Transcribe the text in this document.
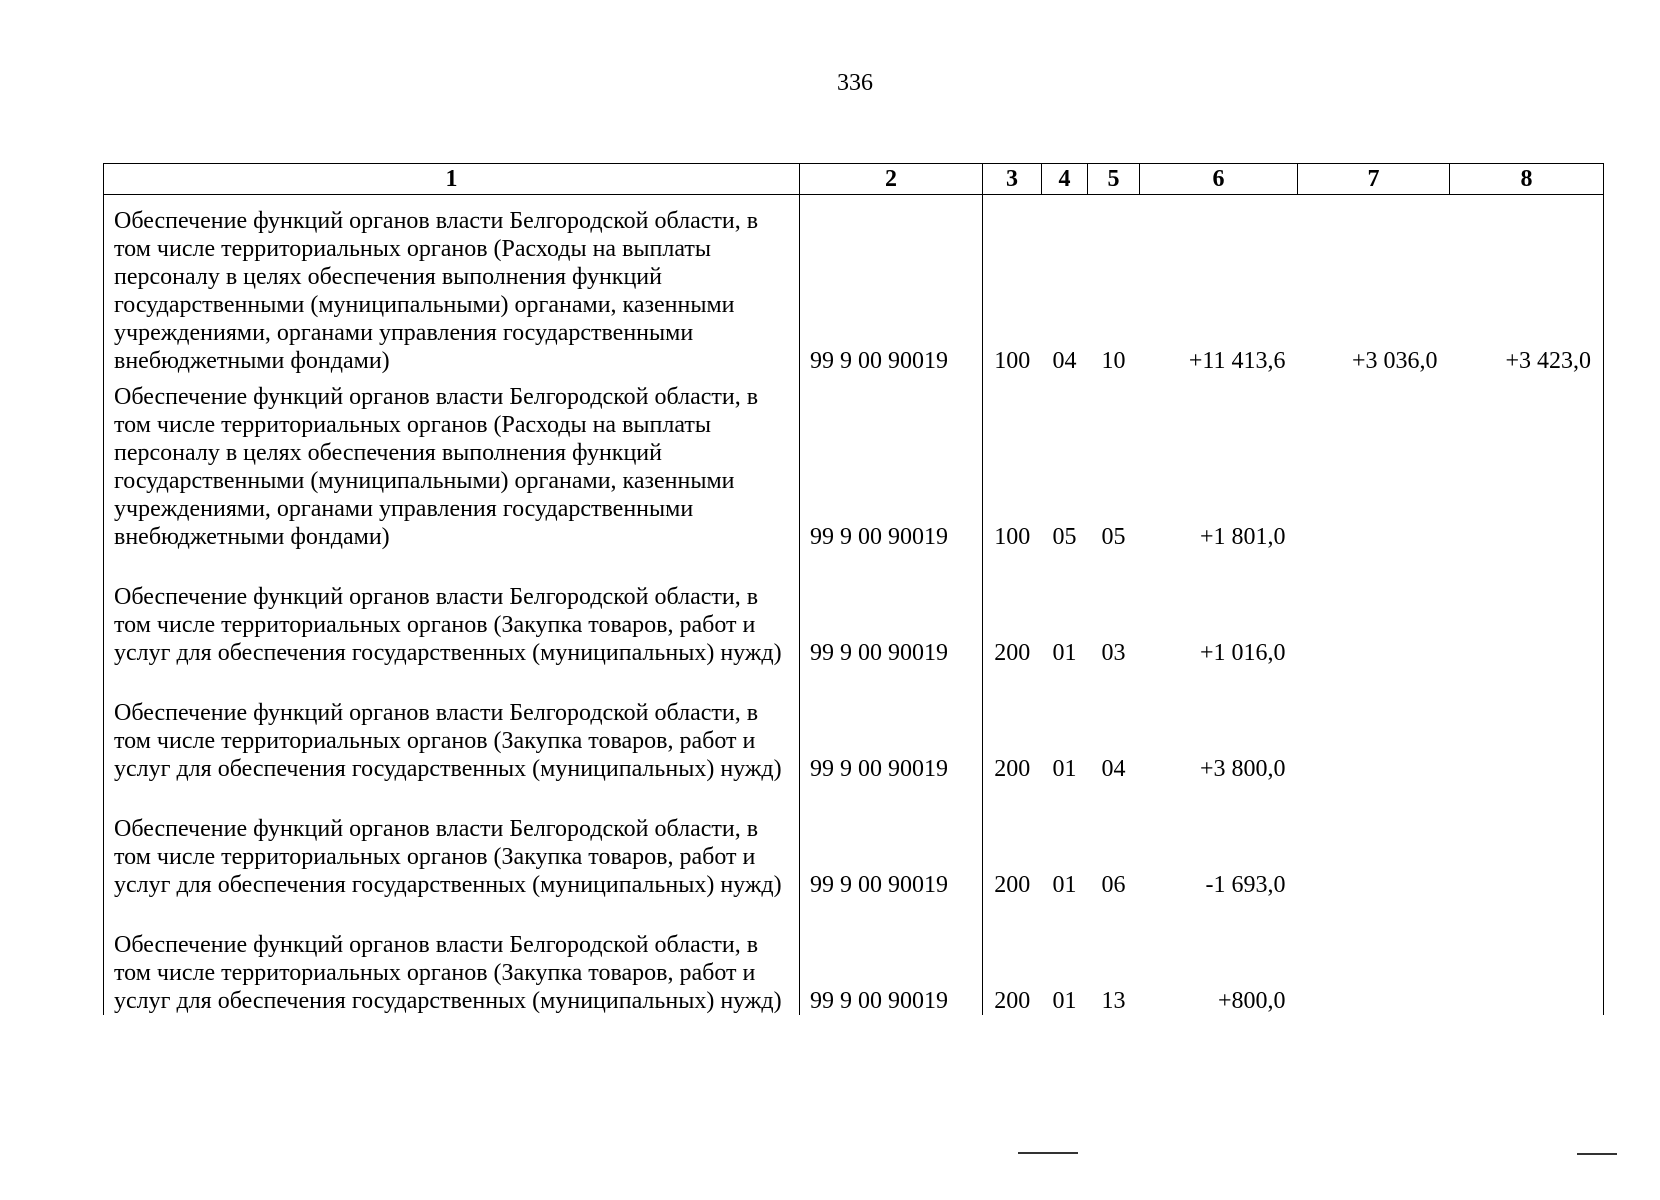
336
1	2	3	4	5	6	7	8
Обеспечение функций органов власти Белгородской области, в том числе территориальных органов (Расходы на выплаты персоналу в целях обеспечения выполнения функций государственными (муниципальными) органами, казенными учреждениями, органами управления государственными внебюджетными фондами)	99 9 00 90019	100	04	10	+11 413,6	+3 036,0	+3 423,0
Обеспечение функций органов власти Белгородской области, в том числе территориальных органов (Расходы на выплаты персоналу в целях обеспечения выполнения функций государственными (муниципальными) органами, казенными учреждениями, органами управления государственными внебюджетными фондами)	99 9 00 90019	100	05	05	+1 801,0		
Обеспечение функций органов власти Белгородской области, в том числе территориальных органов (Закупка товаров, работ и услуг для обеспечения государственных (муниципальных) нужд)	99 9 00 90019	200	01	03	+1 016,0		
Обеспечение функций органов власти Белгородской области, в том числе территориальных органов (Закупка товаров, работ и услуг для обеспечения государственных (муниципальных) нужд)	99 9 00 90019	200	01	04	+3 800,0		
Обеспечение функций органов власти Белгородской области, в том числе территориальных органов (Закупка товаров, работ и услуг для обеспечения государственных (муниципальных) нужд)	99 9 00 90019	200	01	06	-1 693,0		
Обеспечение функций органов власти Белгородской области, в том числе территориальных органов (Закупка товаров, работ и услуг для обеспечения государственных (муниципальных) нужд)	99 9 00 90019	200	01	13	+800,0		
